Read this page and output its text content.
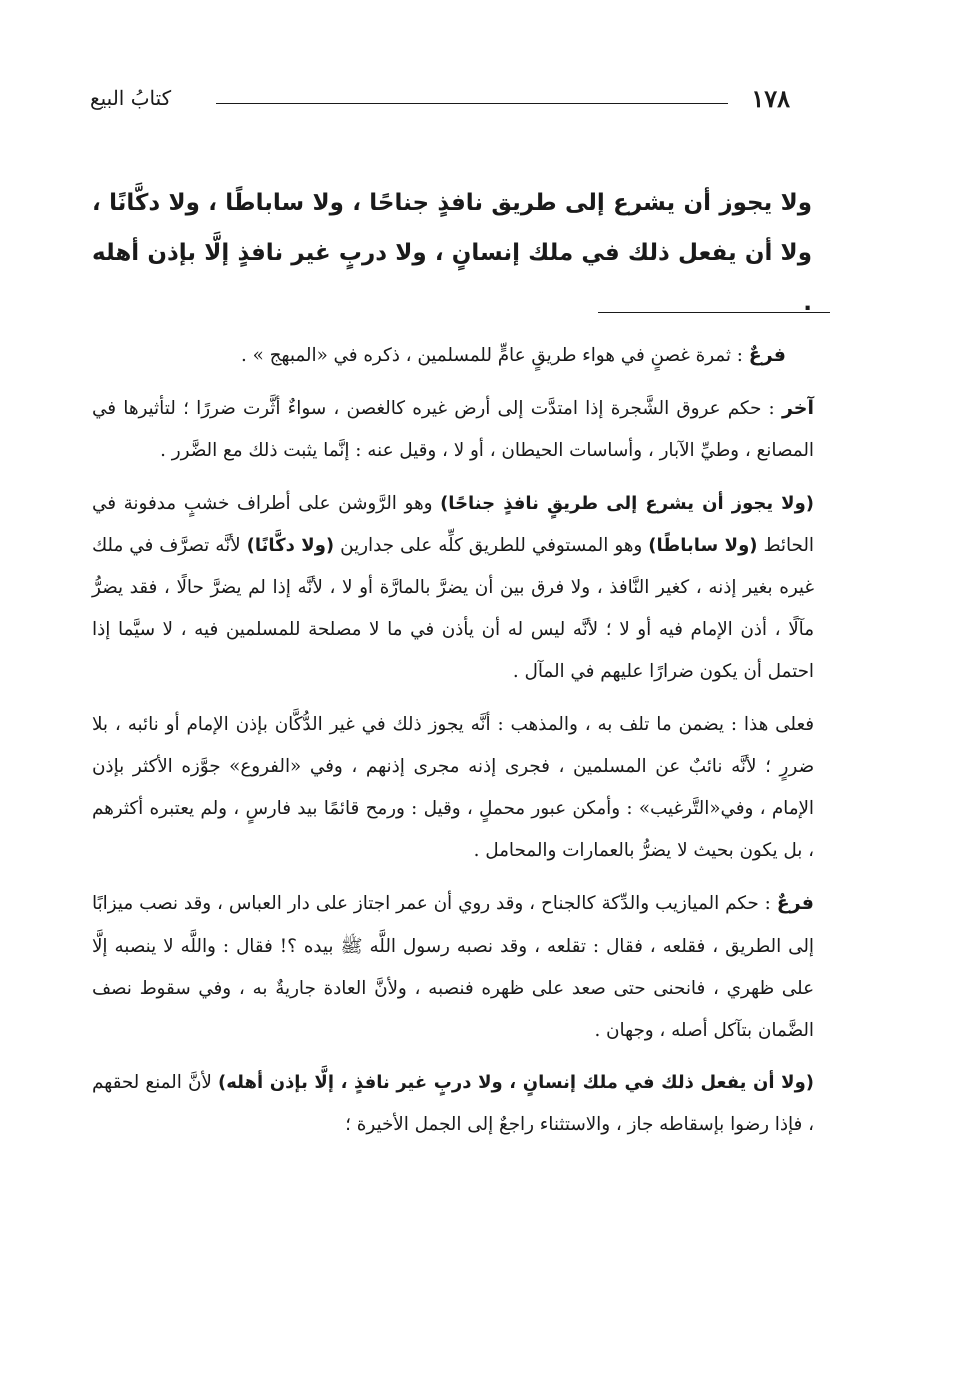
١٧٨
كتابُ البيع
ولا يجوز أن يشرع إلى طريق نافذٍ جناحًا ، ولا ساباطًا ، ولا دكَّانًا ، ولا أن يفعل ذلك في ملك إنسانٍ ، ولا دربٍ غير نافذٍ إلَّا بإذن أهله .

فرعٌ : ثمرة غصنٍ في هواء طريقٍ عامٍّ للمسلمين ، ذكره في «المبهج » .

آخر : حكم عروق الشَّجرة إذا امتدَّت إلى أرض غيره كالغصن ، سواءٌ أثَّرت ضررًا ؛ لتأثيرها في المصانع ، وطيِّ الآبار ، وأساسات الحيطان ، أو لا ، وقيل عنه : إنَّما يثبت ذلك مع الضَّرر .

(ولا يجوز أن يشرع إلى طريقٍ نافذٍ جناحًا) وهو الرَّوشن على أطراف خشبٍ مدفونة في الحائط (ولا ساباطًا) وهو المستوفي للطريق كلِّه على جدارين (ولا دكَّانًا) لأنَّه تصرَّف في ملك غيره بغير إذنه ، كغير النَّافذ ، ولا فرق بين أن يضرَّ بالمارَّة أو لا ، لأنَّه إذا لم يضرَّ حالًا ، فقد يضرُّ مآلًا ، أذن الإمام فيه أو لا ؛ لأنَّه ليس له أن يأذن في ما لا مصلحة للمسلمين فيه ، لا سيَّما إذا احتمل أن يكون ضرارًا عليهم في المآل .

فعلى هذا : يضمن ما تلف به ، والمذهب : أنَّه يجوز ذلك في غير الدُّكَّان بإذن الإمام أو نائبه ، بلا ضررٍ ؛ لأنَّه نائبٌ عن المسلمين ، فجرى إذنه مجرى إذنهم ، وفي «الفروع» جوَّزه الأكثر بإذن الإمام ، وفي«التَّرغيب» : وأمكن عبور محملٍ ، وقيل : ورمح قائمًا بيد فارسٍ ، ولم يعتبره أكثرهم ، بل يكون بحيث لا يضرُّ بالعمارات والمحامل .

فرعٌ : حكم الميازيب والدِّكة كالجناح ، وقد روي أن عمر اجتاز على دار العباس ، وقد نصب ميزابًا إلى الطريق ، فقلعه ، فقال : تقلعه ، وقد نصبه رسول اللَّه ﷺ بيده ؟! فقال : واللَّه لا ينصبه إلَّا على ظهري ، فانحنى حتى صعد على ظهره فنصبه ، ولأنَّ العادة جاريةٌ به ، وفي سقوط نصف الضَّمان بتآكل أصله ، وجهان .

(ولا أن يفعل ذلك في ملك إنسانٍ ، ولا دربٍ غير نافذٍ ، إلَّا بإذن أهله) لأنَّ المنع لحقهم ، فإذا رضوا بإسقاطه جاز ، والاستثناء راجعٌ إلى الجمل الأخيرة ؛
